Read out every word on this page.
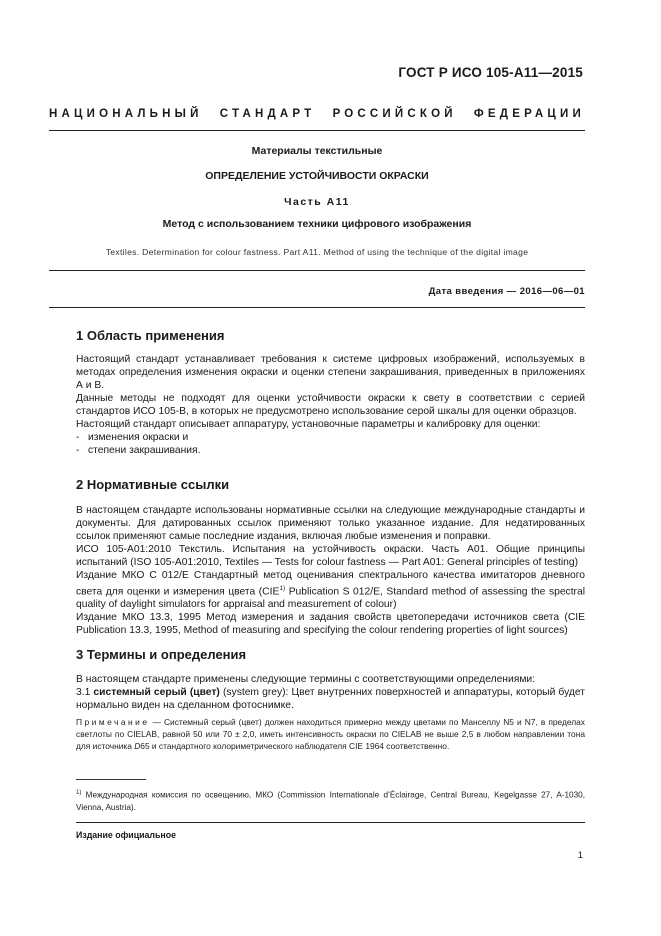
ГОСТ Р ИСО 105-А11—2015
НАЦИОНАЛЬНЫЙ СТАНДАРТ РОССИЙСКОЙ ФЕДЕРАЦИИ
Материалы текстильные
ОПРЕДЕЛЕНИЕ УСТОЙЧИВОСТИ ОКРАСКИ
Часть А11
Метод с использованием техники цифрового изображения
Textiles. Determination for colour fastness. Part A11. Method of using the technique of the digital image
Дата введения — 2016—06—01
1 Область применения

Настоящий стандарт устанавливает требования к системе цифровых изображений, используемых в методах определения изменения окраски и оценки степени закрашивания, приведенных в приложениях А и В.

Данные методы не подходят для оценки устойчивости окраски к свету в соответствии с серией стандартов ИСО 105-В, в которых не предусмотрено использование серой шкалы для оценки образцов.

Настоящий стандарт описывает аппаратуру, установочные параметры и калибровку для оценки:

- изменения окраски и
- степени закрашивания.
2 Нормативные ссылки

В настоящем стандарте использованы нормативные ссылки на следующие международные стандарты и документы. Для датированных ссылок применяют только указанное издание. Для недатированных ссылок применяют самые последние издания, включая любые изменения и поправки.

ИСО 105-А01:2010 Текстиль. Испытания на устойчивость окраски. Часть А01. Общие принципы испытаний (ISO 105-A01:2010, Textiles — Tests for colour fastness — Part A01: General principles of testing)

Издание МКО С 012/Е Стандартный метод оценивания спектрального качества имитаторов дневного света для оценки и измерения цвета (CIE$^{1)}$ Publication S 012/E, Standard method of assessing the spectral quality of daylight simulators for appraisal and measurement of colour)

Издание МКО 13.3, 1995 Метод измерения и задания свойств цветопередачи источников света (CIE Publication 13.3, 1995, Method of measuring and specifying the colour rendering properties of light sources)

3 Термины и определения

В настоящем стандарте применены следующие термины с соответствующими определениями:

3.1 системный серый (цвет) (system grey): Цвет внутренних поверхностей и аппаратуры, который будет нормально виден на сделанном фотоснимке.

Примечание — Системный серый (цвет) должен находиться примерно между цветами по Манселлу N5 и N7, в пределах светлоты по CIELAB, равной 50 или 70 ± 2,0, иметь интенсивность окраски по CIELAB не выше 2,5 в любом направлении тона для источника D65 и стандартного колориметрического наблюдателя CIE 1964 соответственно.
$^{1)}$ Международная комиссия по освещению, МКО (Commission Internationale d’Éclairage, Central Bureau, Kegelgasse 27, A-1030, Vienna, Austria).
Издание официальное
1
